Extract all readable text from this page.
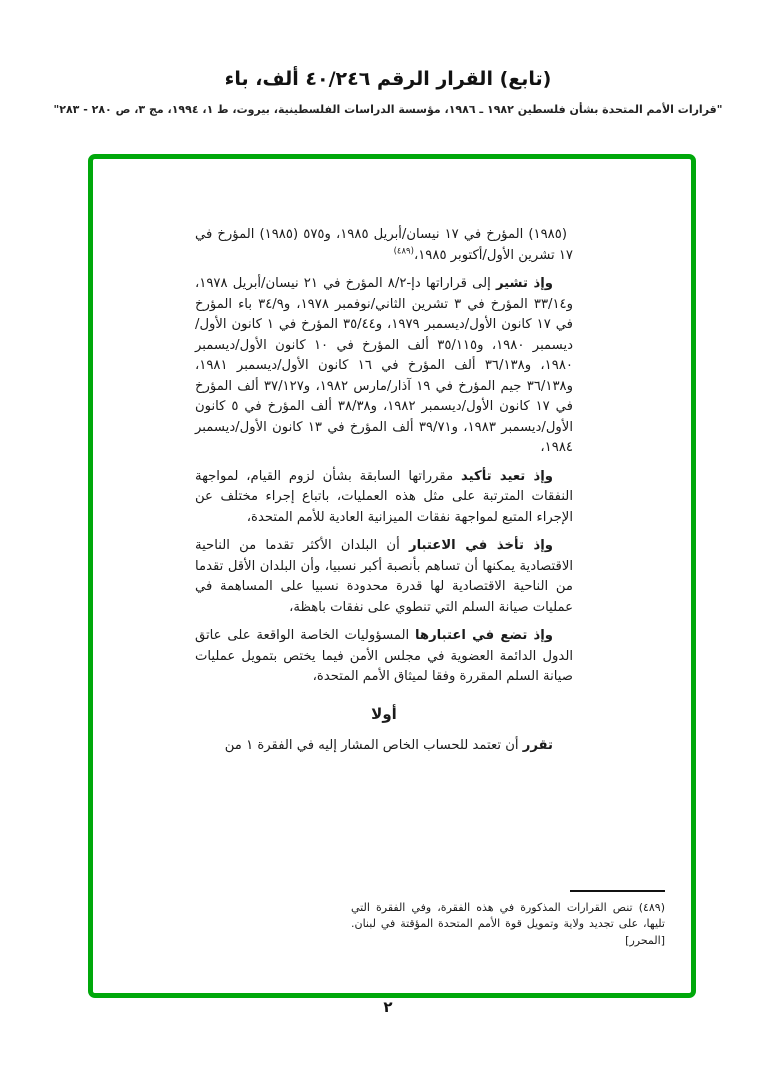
(تابع) القرار الرقم ٤٠/٢٤٦ ألف، باء
"قرارات الأمم المتحدة بشأن فلسطين ١٩٨٢ ـ ١٩٨٦، مؤسسة الدراسات الفلسطينية، بيروت، ط ١، ١٩٩٤، مج ٣، ص ٢٨٠ - ٢٨٣"

(١٩٨٥) المؤرخ في ١٧ نيسان/أبريل ١٩٨٥، و٥٧٥ (١٩٨٥) المؤرخ في ١٧ تشرين الأول/أكتوبر ١٩٨٥،$^{(٤٨٩)}$

وإذ تشير إلى قراراتها دإ-٨/٢ المؤرخ في ٢١ نيسان/أبريل ١٩٧٨، و٣٣/١٤ المؤرخ في ٣ تشرين الثاني/نوفمبر ١٩٧٨، و٣٤/٩ باء المؤرخ في ١٧ كانون الأول/ديسمبر ١٩٧٩، و٣٥/٤٤ المؤرخ في ١ كانون الأول/ديسمبر ١٩٨٠، و٣٥/١١٥ ألف المؤرخ في ١٠ كانون الأول/ديسمبر ١٩٨٠، و٣٦/١٣٨ ألف المؤرخ في ١٦ كانون الأول/ديسمبر ١٩٨١، و٣٦/١٣٨ جيم المؤرخ في ١٩ آذار/مارس ١٩٨٢، و٣٧/١٢٧ ألف المؤرخ في ١٧ كانون الأول/ديسمبر ١٩٨٢، و٣٨/٣٨ ألف المؤرخ في ٥ كانون الأول/ديسمبر ١٩٨٣، و٣٩/٧١ ألف المؤرخ في ١٣ كانون الأول/ديسمبر ١٩٨٤،

وإذ تعيد تأكيد مقرراتها السابقة بشأن لزوم القيام، لمواجهة النفقات المترتبة على مثل هذه العمليات، باتباع إجراء مختلف عن الإجراء المتبع لمواجهة نفقات الميزانية العادية للأمم المتحدة،

وإذ تأخذ في الاعتبار أن البلدان الأكثر تقدما من الناحية الاقتصادية يمكنها أن تساهم بأنصبة أكبر نسبيا، وأن البلدان الأقل تقدما من الناحية الاقتصادية لها قدرة محدودة نسبيا على المساهمة في عمليات صيانة السلم التي تنطوي على نفقات باهظة،

وإذ تضع في اعتبارها المسؤوليات الخاصة الواقعة على عاتق الدول الدائمة العضوية في مجلس الأمن فيما يختص بتمويل عمليات صيانة السلم المقررة وفقا لميثاق الأمم المتحدة،

أولا

تقرر أن تعتمد للحساب الخاص المشار إليه في الفقرة ١ من

(٤٨٩) تنص القرارات المذكورة في هذه الفقرة، وفي الفقرة التي تليها، على تجديد ولاية وتمويل قوة الأمم المتحدة المؤقتة في لبنان. [المحرر]

٢
